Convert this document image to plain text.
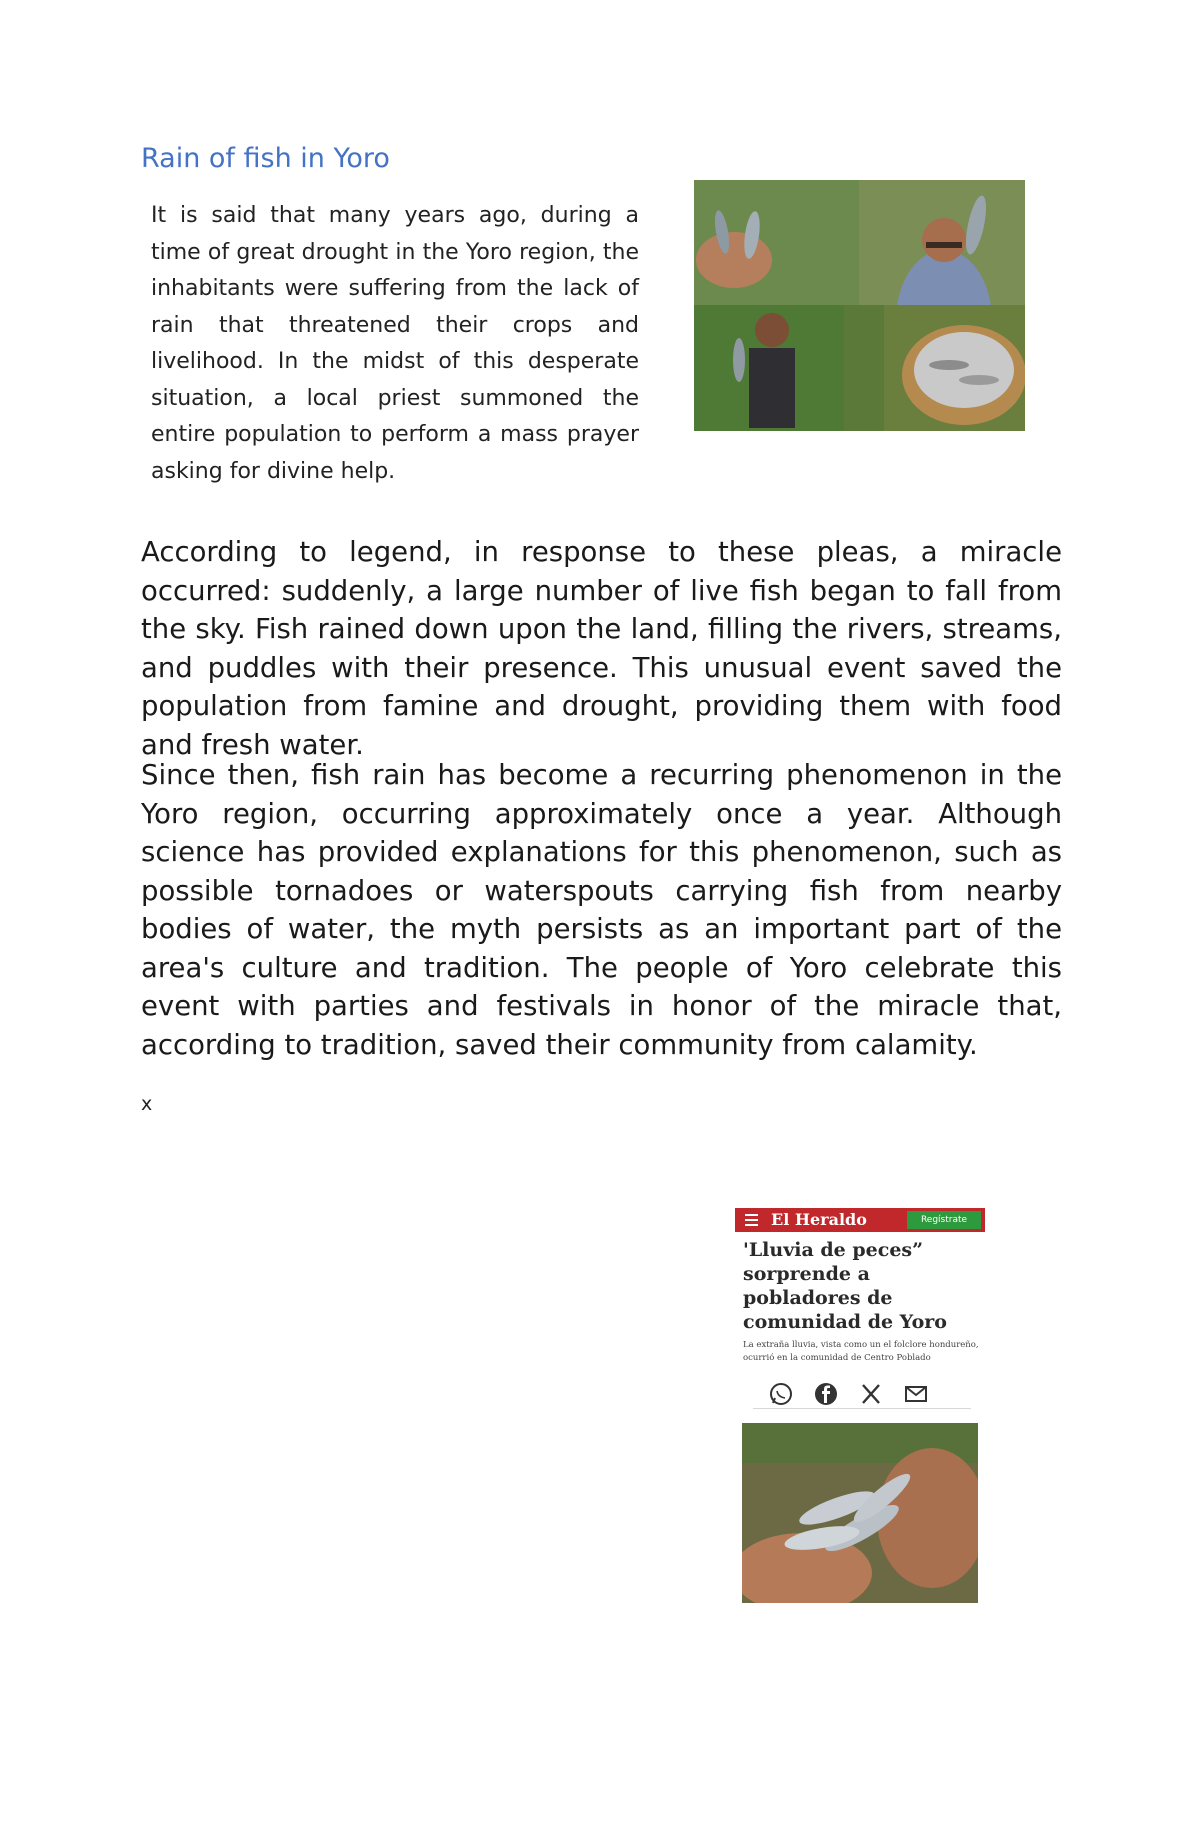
Rain of fish in Yoro

It is said that many years ago, during a time of great drought in the Yoro region, the inhabitants were suffering from the lack of rain that threatened their crops and livelihood. In the midst of this desperate situation, a local priest summoned the entire population to perform a mass prayer asking for divine help.

According to legend, in response to these pleas, a miracle occurred: suddenly, a large number of live fish began to fall from the sky. Fish rained down upon the land, filling the rivers, streams, and puddles with their presence. This unusual event saved the population from famine and drought, providing them with food and fresh water.

Since then, fish rain has become a recurring phenomenon in the Yoro region, occurring approximately once a year. Although science has provided explanations for this phenomenon, such as possible tornadoes or waterspouts carrying fish from nearby bodies of water, the myth persists as an important part of the area's culture and tradition. The people of Yoro celebrate this event with parties and festivals in honor of the miracle that, according to tradition, saved their community from calamity.

x

El Heraldo	Regístrate

'Lluvia de peces” sorprende a pobladores de comunidad de Yoro

La extraña lluvia, vista como un el folclore hondureño, ocurrió en la comunidad de Centro Poblado
